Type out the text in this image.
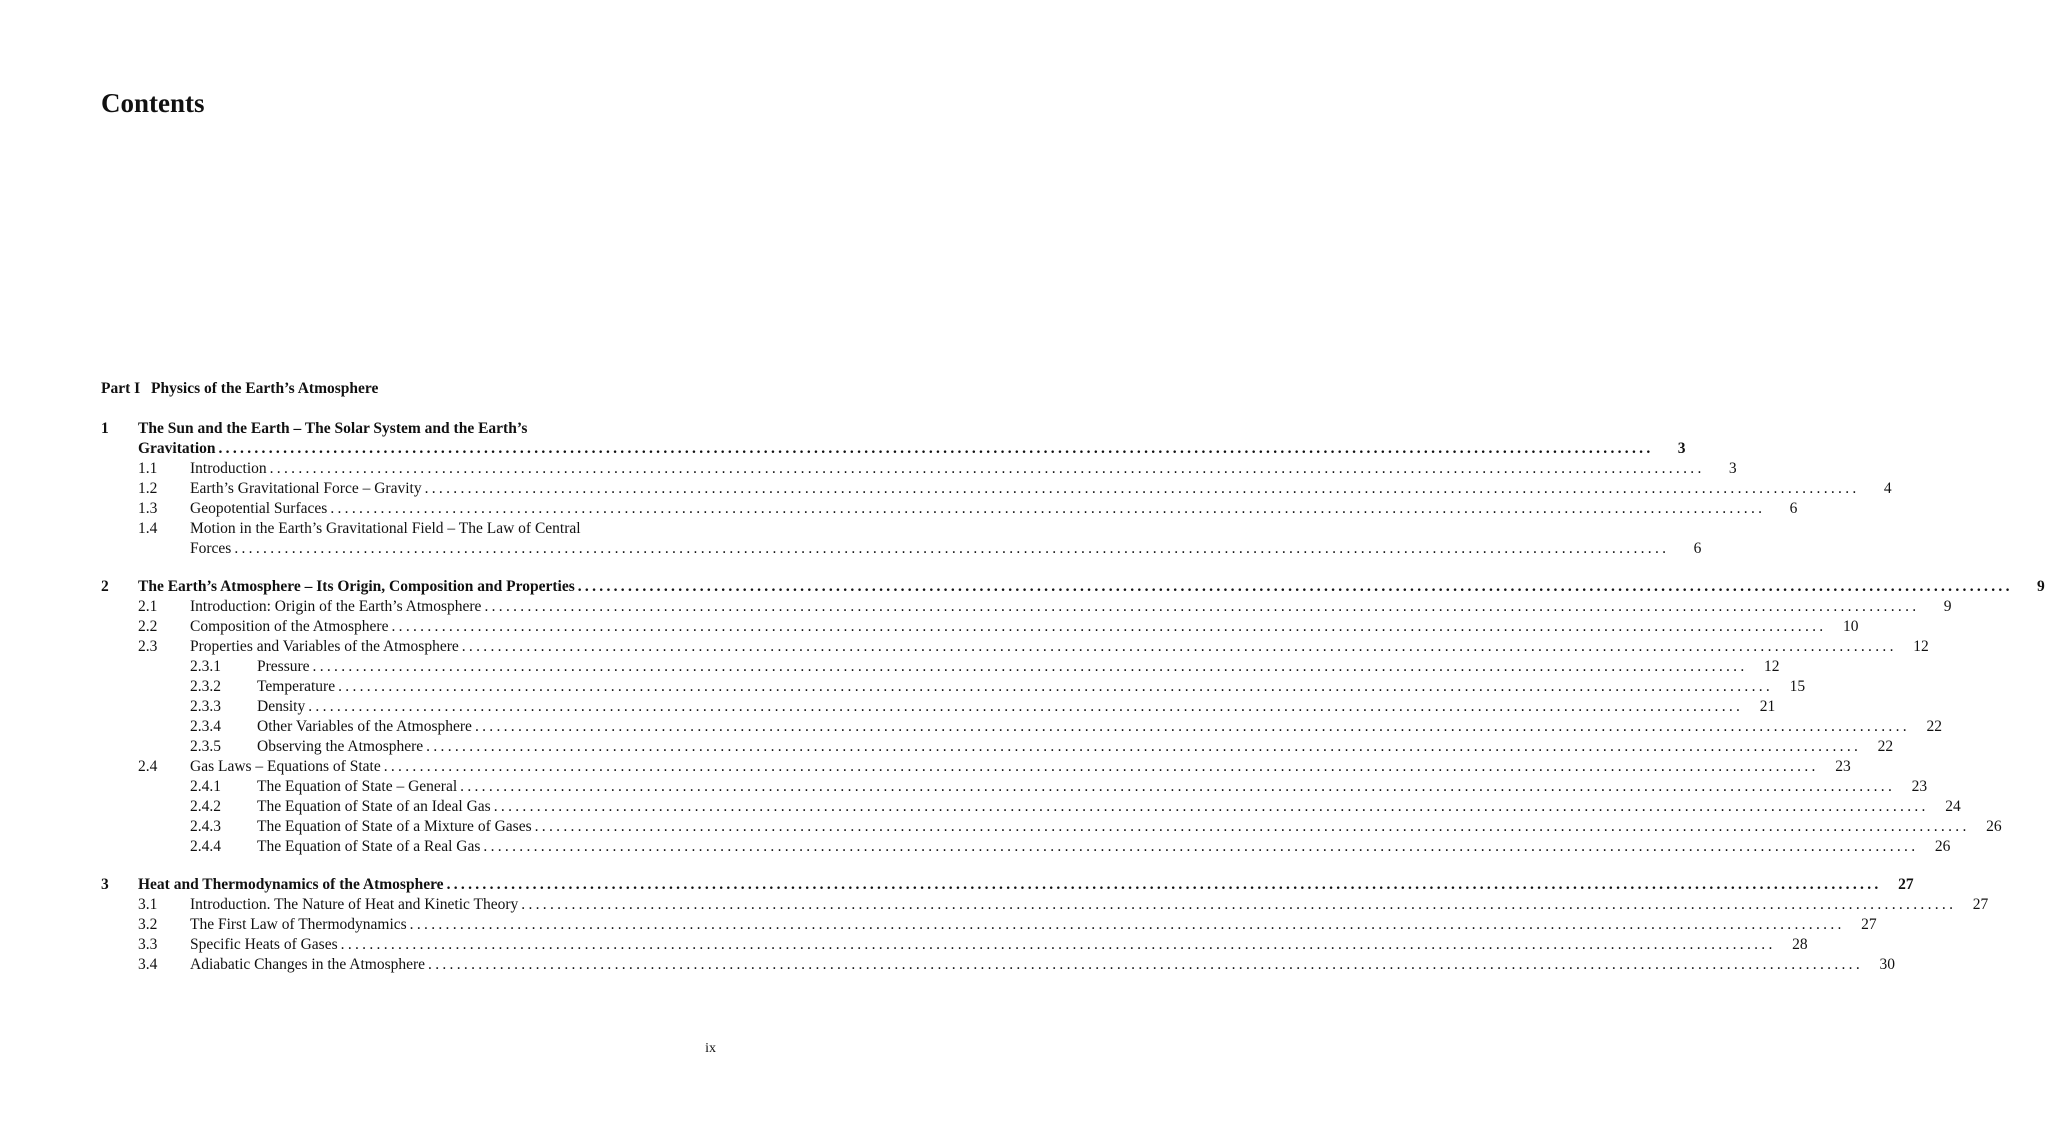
Contents
Part I Physics of the Earth’s Atmosphere
1 The Sun and the Earth – The Solar System and the Earth’s
Gravitation ........................................................................................................................................................................................................	3
1.1 Introduction ........................................................................................................................................................................................................	3
1.2 Earth’s Gravitational Force – Gravity ........................................................................................................................................................................................................	4
1.3 Geopotential Surfaces ........................................................................................................................................................................................................	6
1.4 Motion in the Earth’s Gravitational Field – The Law of Central
Forces ........................................................................................................................................................................................................	6
2 The Earth’s Atmosphere – Its Origin, Composition and Properties ........................................................................................................................................................................................................	9
2.1 Introduction: Origin of the Earth’s Atmosphere ........................................................................................................................................................................................................	9
2.2 Composition of the Atmosphere ........................................................................................................................................................................................................	10
2.3 Properties and Variables of the Atmosphere ........................................................................................................................................................................................................	12
2.3.1 Pressure ........................................................................................................................................................................................................	12
2.3.2 Temperature ........................................................................................................................................................................................................	15
2.3.3 Density ........................................................................................................................................................................................................	21
2.3.4 Other Variables of the Atmosphere ........................................................................................................................................................................................................	22
2.3.5 Observing the Atmosphere ........................................................................................................................................................................................................	22
2.4 Gas Laws – Equations of State ........................................................................................................................................................................................................	23
2.4.1 The Equation of State – General ........................................................................................................................................................................................................	23
2.4.2 The Equation of State of an Ideal Gas ........................................................................................................................................................................................................	24
2.4.3 The Equation of State of a Mixture of Gases ........................................................................................................................................................................................................	26
2.4.4 The Equation of State of a Real Gas ........................................................................................................................................................................................................	26
3 Heat and Thermodynamics of the Atmosphere ........................................................................................................................................................................................................	27
3.1 Introduction. The Nature of Heat and Kinetic Theory ........................................................................................................................................................................................................	27
3.2 The First Law of Thermodynamics ........................................................................................................................................................................................................	27
3.3 Specific Heats of Gases ........................................................................................................................................................................................................	28
3.4 Adiabatic Changes in the Atmosphere ........................................................................................................................................................................................................	30
ix
